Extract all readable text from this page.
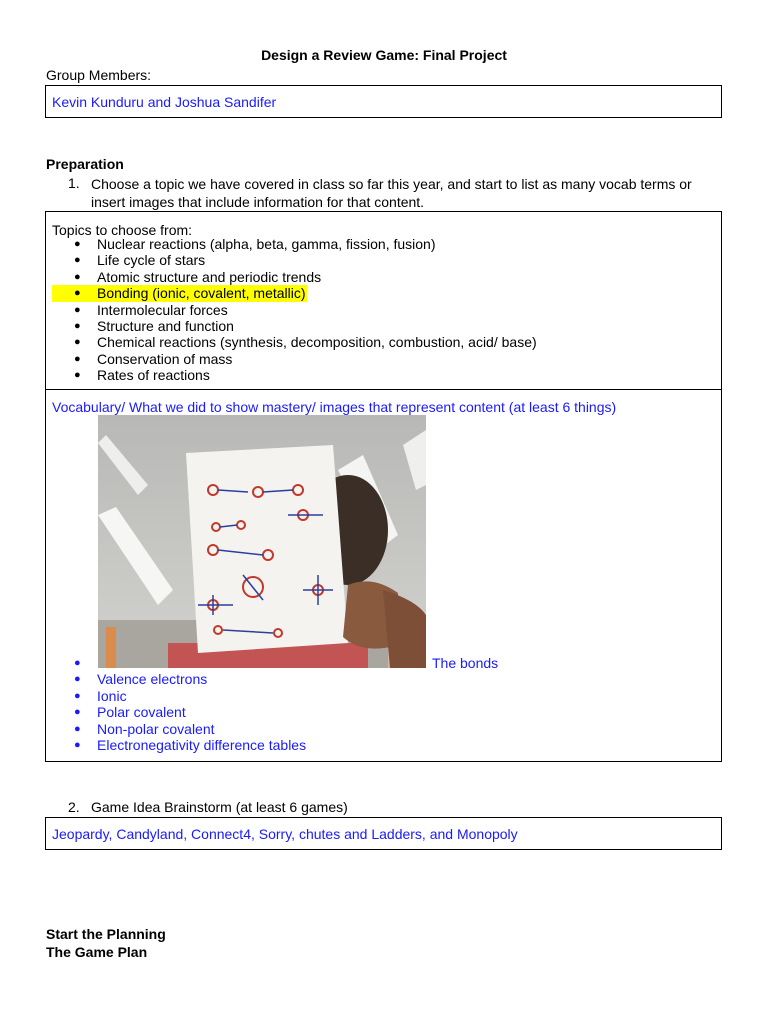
Design a Review Game: Final Project
Group Members:
Kevin Kunduru and Joshua Sandifer
Preparation
1. Choose a topic we have covered in class so far this year, and start to list as many vocab terms or insert images that include information for that content.
Topics to choose from:
● Nuclear reactions (alpha, beta, gamma, fission, fusion)
● Life cycle of stars
● Atomic structure and periodic trends
● Bonding (ionic, covalent, metallic)
● Intermolecular forces
● Structure and function
● Chemical reactions (synthesis, decomposition, combustion, acid/ base)
● Conservation of mass
● Rates of reactions
Vocabulary/ What we did to show mastery/ images that represent content (at least 6 things)
● The bonds
● Valence electrons
● Ionic
● Polar covalent
● Non-polar covalent
● Electronegativity difference tables
2. Game Idea Brainstorm (at least 6 games)
Jeopardy, Candyland, Connect4, Sorry, chutes and Ladders, and Monopoly
Start the Planning
The Game Plan
